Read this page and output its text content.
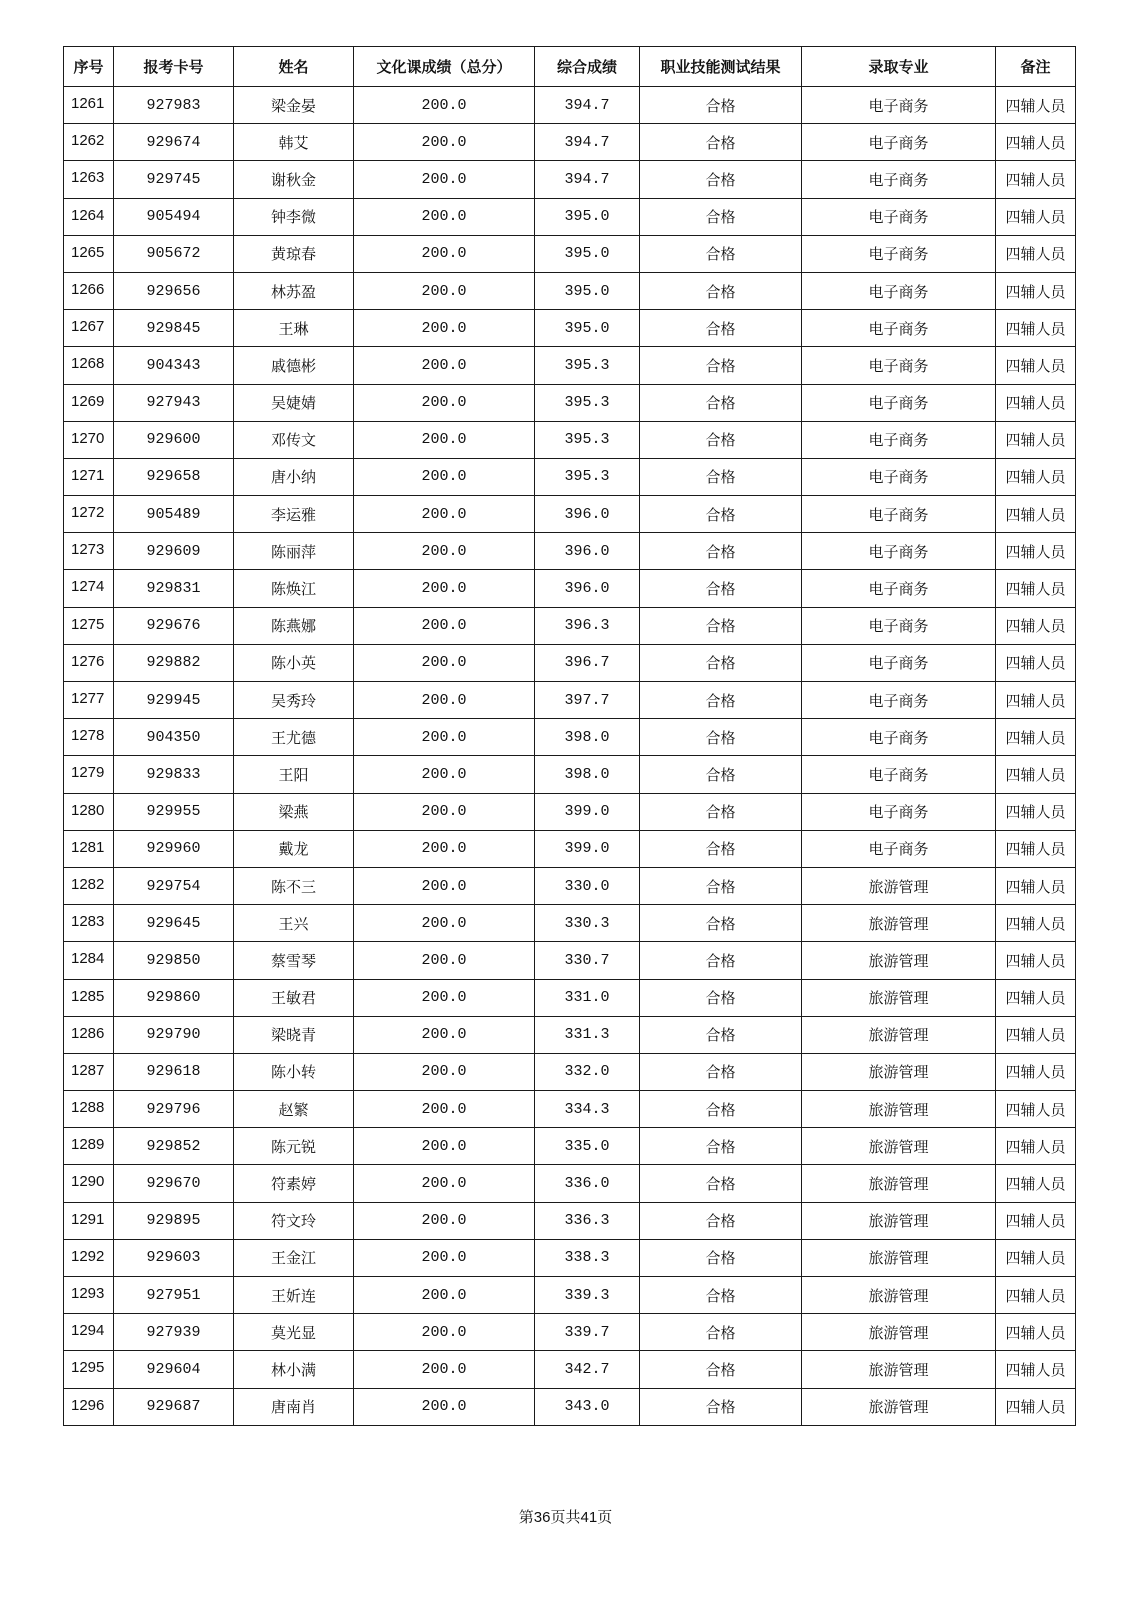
序号	报考卡号	姓名	文化课成绩（总分）	综合成绩	职业技能测试结果	录取专业	备注
1261	927983	梁金晏	200.0	394.7	合格	电子商务	四辅人员
1262	929674	韩艾	200.0	394.7	合格	电子商务	四辅人员
1263	929745	谢秋金	200.0	394.7	合格	电子商务	四辅人员
1264	905494	钟李微	200.0	395.0	合格	电子商务	四辅人员
1265	905672	黄琼春	200.0	395.0	合格	电子商务	四辅人员
1266	929656	林苏盈	200.0	395.0	合格	电子商务	四辅人员
1267	929845	王琳	200.0	395.0	合格	电子商务	四辅人员
1268	904343	戚德彬	200.0	395.3	合格	电子商务	四辅人员
1269	927943	吴婕婧	200.0	395.3	合格	电子商务	四辅人员
1270	929600	邓传文	200.0	395.3	合格	电子商务	四辅人员
1271	929658	唐小纳	200.0	395.3	合格	电子商务	四辅人员
1272	905489	李运雅	200.0	396.0	合格	电子商务	四辅人员
1273	929609	陈丽萍	200.0	396.0	合格	电子商务	四辅人员
1274	929831	陈焕江	200.0	396.0	合格	电子商务	四辅人员
1275	929676	陈燕娜	200.0	396.3	合格	电子商务	四辅人员
1276	929882	陈小英	200.0	396.7	合格	电子商务	四辅人员
1277	929945	吴秀玲	200.0	397.7	合格	电子商务	四辅人员
1278	904350	王尤德	200.0	398.0	合格	电子商务	四辅人员
1279	929833	王阳	200.0	398.0	合格	电子商务	四辅人员
1280	929955	梁燕	200.0	399.0	合格	电子商务	四辅人员
1281	929960	戴龙	200.0	399.0	合格	电子商务	四辅人员
1282	929754	陈不三	200.0	330.0	合格	旅游管理	四辅人员
1283	929645	王兴	200.0	330.3	合格	旅游管理	四辅人员
1284	929850	蔡雪琴	200.0	330.7	合格	旅游管理	四辅人员
1285	929860	王敏君	200.0	331.0	合格	旅游管理	四辅人员
1286	929790	梁晓青	200.0	331.3	合格	旅游管理	四辅人员
1287	929618	陈小转	200.0	332.0	合格	旅游管理	四辅人员
1288	929796	赵繁	200.0	334.3	合格	旅游管理	四辅人员
1289	929852	陈元锐	200.0	335.0	合格	旅游管理	四辅人员
1290	929670	符素婷	200.0	336.0	合格	旅游管理	四辅人员
1291	929895	符文玲	200.0	336.3	合格	旅游管理	四辅人员
1292	929603	王金江	200.0	338.3	合格	旅游管理	四辅人员
1293	927951	王妡连	200.0	339.3	合格	旅游管理	四辅人员
1294	927939	莫光显	200.0	339.7	合格	旅游管理	四辅人员
1295	929604	林小满	200.0	342.7	合格	旅游管理	四辅人员
1296	929687	唐南肖	200.0	343.0	合格	旅游管理	四辅人员
第36页共41页
